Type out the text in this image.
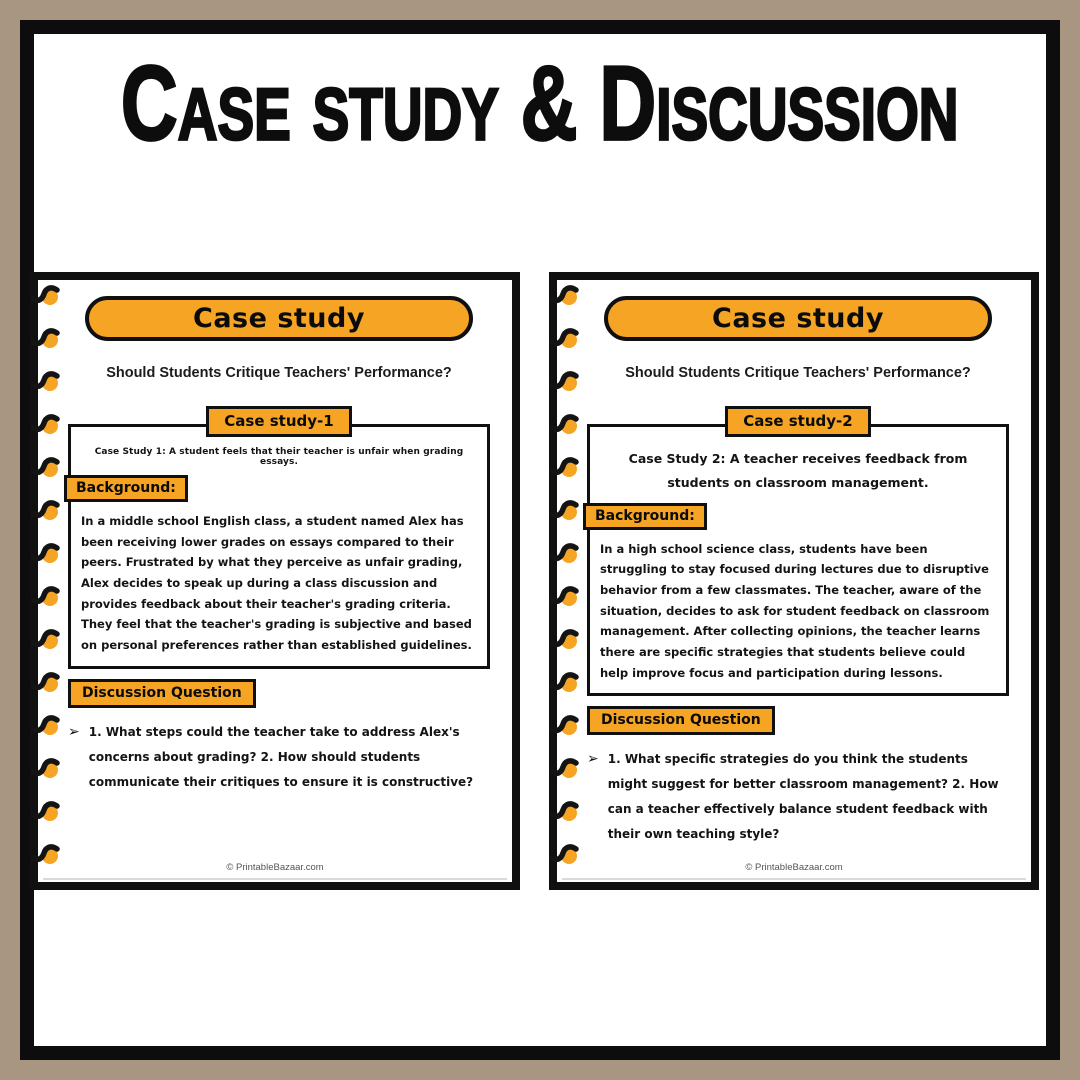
Case study & Discussion
Case study
Should Students Critique Teachers' Performance?
Case study-1

Case Study 1: A student feels that their teacher is unfair when grading essays.

Background:

In a middle school English class, a student named Alex has been receiving lower grades on essays compared to their peers. Frustrated by what they perceive as unfair grading, Alex decides to speak up during a class discussion and provides feedback about their teacher's grading criteria. They feel that the teacher's grading is subjective and based on personal preferences rather than established guidelines.

Discussion Question
➢ 1. What steps could the teacher take to address Alex's concerns about grading? 2. How should students communicate their critiques to ensure it is constructive?

© PrintableBazaar.com
Case study
Should Students Critique Teachers' Performance?
Case study-2

Case Study 2: A teacher receives feedback from students on classroom management.

Background:

In a high school science class, students have been struggling to stay focused during lectures due to disruptive behavior from a few classmates. The teacher, aware of the situation, decides to ask for student feedback on classroom management. After collecting opinions, the teacher learns there are specific strategies that students believe could help improve focus and participation during lessons.

Discussion Question
➢ 1. What specific strategies do you think the students might suggest for better classroom management? 2. How can a teacher effectively balance student feedback with their own teaching style?

© PrintableBazaar.com
